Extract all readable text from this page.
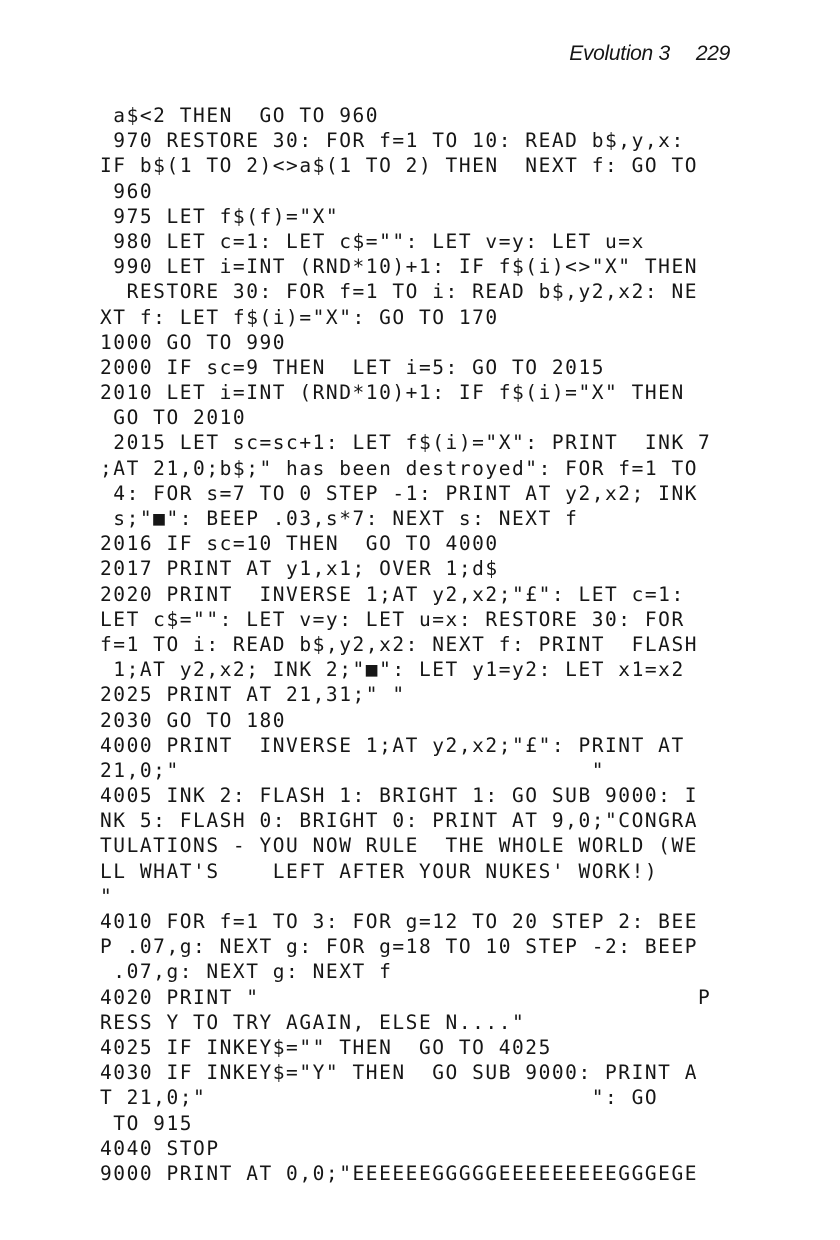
Evolution 3 229
a$<2 THEN  GO TO 960
970 RESTORE 30: FOR f=1 TO 10: READ b$,y,x:
IF b$(1 TO 2)<>a$(1 TO 2) THEN  NEXT f: GO TO
960
975 LET f$(f)="X"
980 LET c=1: LET c$="": LET v=y: LET u=x
990 LET i=INT (RND*10)+1: IF f$(i)<>"X" THEN
RESTORE 30: FOR f=1 TO i: READ b$,y2,x2: NE
XT f: LET f$(i)="X": GO TO 170
1000 GO TO 990
2000 IF sc=9 THEN  LET i=5: GO TO 2015
2010 LET i=INT (RND*10)+1: IF f$(i)="X" THEN
GO TO 2010
2015 LET sc=sc+1: LET f$(i)="X": PRINT  INK 7
;AT 21,0;b$;" has been destroyed": FOR f=1 TO
4: FOR s=7 TO 0 STEP -1: PRINT AT y2,x2; INK
s;"■": BEEP .03,s*7: NEXT s: NEXT f
2016 IF sc=10 THEN  GO TO 4000
2017 PRINT AT y1,x1; OVER 1;d$
2020 PRINT  INVERSE 1;AT y2,x2;"£": LET c=1:
LET c$="": LET v=y: LET u=x: RESTORE 30: FOR
f=1 TO i: READ b$,y2,x2: NEXT f: PRINT  FLASH
1;AT y2,x2; INK 2;"■": LET y1=y2: LET x1=x2
2025 PRINT AT 21,31;" "
2030 GO TO 180
4000 PRINT  INVERSE 1;AT y2,x2;"£": PRINT AT
21,0;"                               "
4005 INK 2: FLASH 1: BRIGHT 1: GO SUB 9000: I
NK 5: FLASH 0: BRIGHT 0: PRINT AT 9,0;"CONGRA
TULATIONS - YOU NOW RULE  THE WHOLE WORLD (WE
LL WHAT'S    LEFT AFTER YOUR NUKES' WORK!)
"
4010 FOR f=1 TO 3: FOR g=12 TO 20 STEP 2: BEE
P .07,g: NEXT g: FOR g=18 TO 10 STEP -2: BEEP
.07,g: NEXT g: NEXT f
4020 PRINT "                                 P
RESS Y TO TRY AGAIN, ELSE N...."
4025 IF INKEY$="" THEN  GO TO 4025
4030 IF INKEY$="Y" THEN  GO SUB 9000: PRINT A
T 21,0;"                             ": GO
TO 915
4040 STOP
9000 PRINT AT 0,0;"EEEEEEGGGGGEEEEEEEEEGGGEGE
